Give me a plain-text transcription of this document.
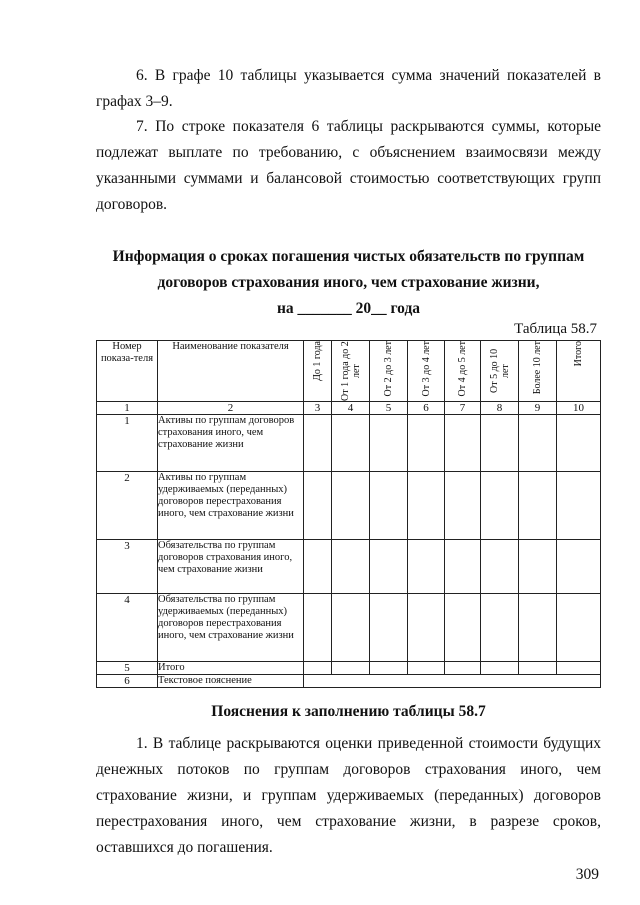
6. В графе 10 таблицы указывается сумма значений показателей в графах 3–9.
7. По строке показателя 6 таблицы раскрываются суммы, которые подлежат выплате по требованию, с объяснением взаимосвязи между указанными суммами и балансовой стоимостью соответствующих групп договоров.
Информация о сроках погашения чистых обязательств по группам
договоров страхования иного, чем страхование жизни,
на _______ 20__ года
Таблица 58.7
Номер показа-теля	Наименование показателя	До 1 года	От 1 года до 2 лет	От 2 до 3 лет	От 3 до 4 лет	От 4 до 5 лет	От 5 до 10 лет	Более 10 лет	Итого

1	2	3	4	5	6	7	8	9	10
1	Активы по группам договоров страхования иного, чем страхование жизни								
2	Активы по группам удерживаемых (переданных) договоров перестрахования иного, чем страхование жизни								
3	Обязательства по группам договоров страхования иного, чем страхование жизни								
4	Обязательства по группам удерживаемых (переданных) договоров перестрахования иного, чем страхование жизни								
5	Итого								
6	Текстовое пояснение								
Пояснения к заполнению таблицы 58.7
1. В таблице раскрываются оценки приведенной стоимости будущих денежных потоков по группам договоров страхования иного, чем страхование жизни, и группам удерживаемых (переданных) договоров перестрахования иного, чем страхование жизни, в разрезе сроков, оставшихся до погашения.
309
